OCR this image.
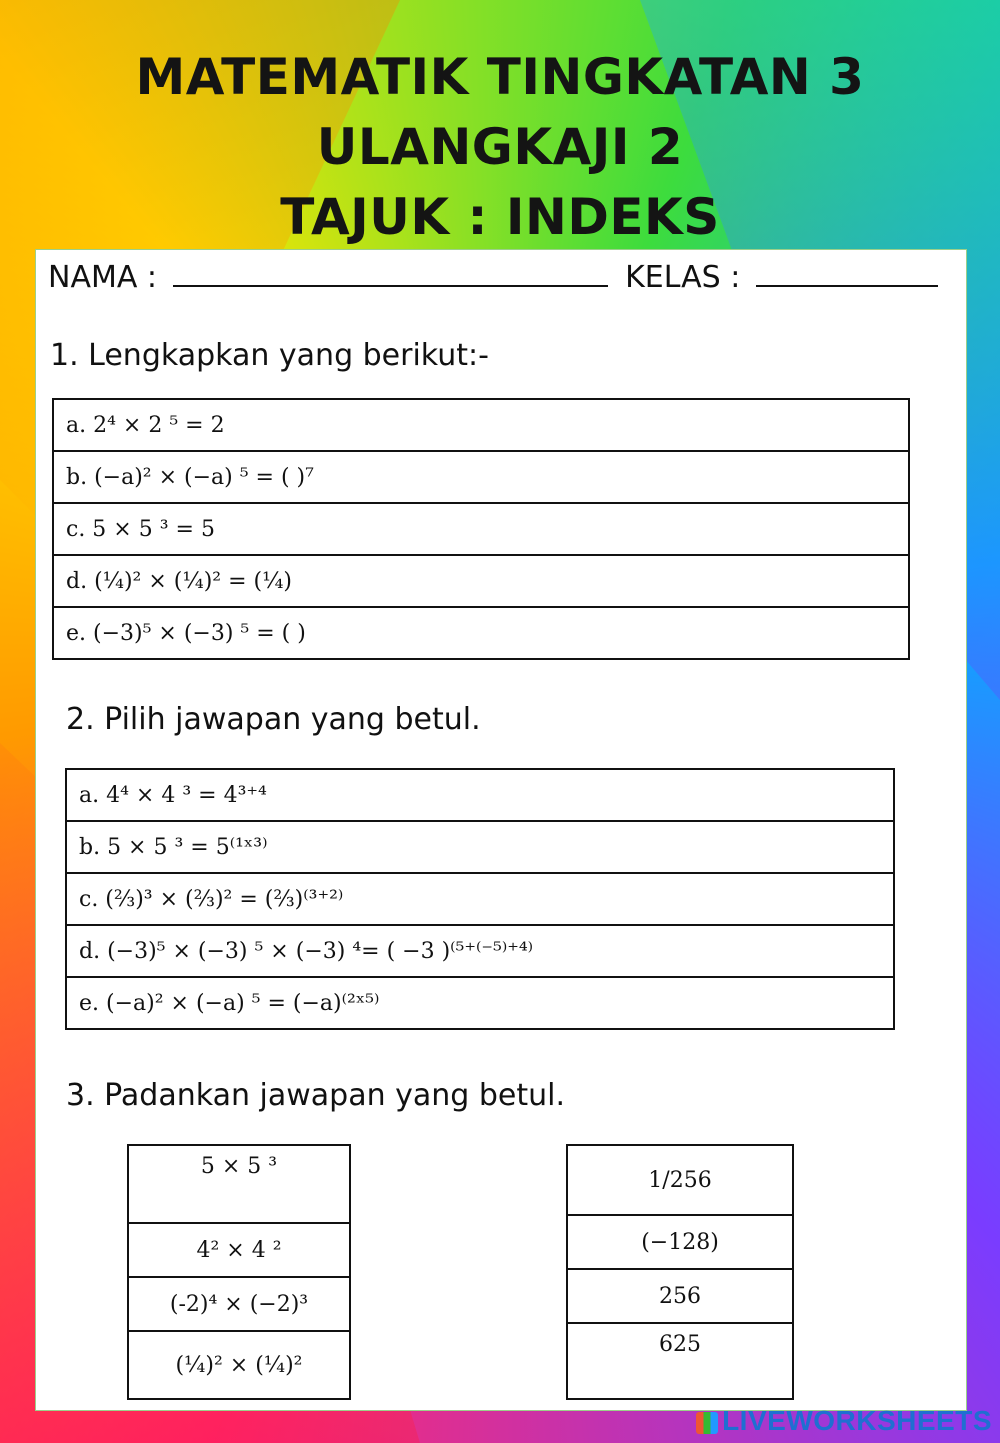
MATEMATIK TINGKATAN 3
ULANGKAJI 2
TAJUK : INDEKS
NAMA :	KELAS :
1. Lengkapkan yang berikut:-
a. 2⁴ × 2 ⁵ = 2
b. (−a)² × (−a) ⁵ = ( )⁷
c. 5 × 5 ³ = 5
d. (¼)² × (¼)² = (¼)
e. (−3)⁵ × (−3) ⁵ = ( )
2. Pilih jawapan yang betul.
a. 4⁴ × 4 ³ = 4³⁺⁴
b. 5 × 5 ³ = 5⁽¹ˣ³⁾
c. (⅔)³ × (⅔)² = (⅔)⁽³⁺²⁾
d. (−3)⁵ × (−3) ⁵ × (−3) ⁴= ( −3 )⁽⁵⁺⁽⁻⁵⁾⁺⁴⁾
e. (−a)² × (−a) ⁵ = (−a)⁽²ˣ⁵⁾
3. Padankan jawapan yang betul.
5 × 5 ³
4² × 4 ²
(-2)⁴ × (−2)³
(¼)² × (¼)²
1/256
(−128)
256
625
LIVEWORKSHEETS
